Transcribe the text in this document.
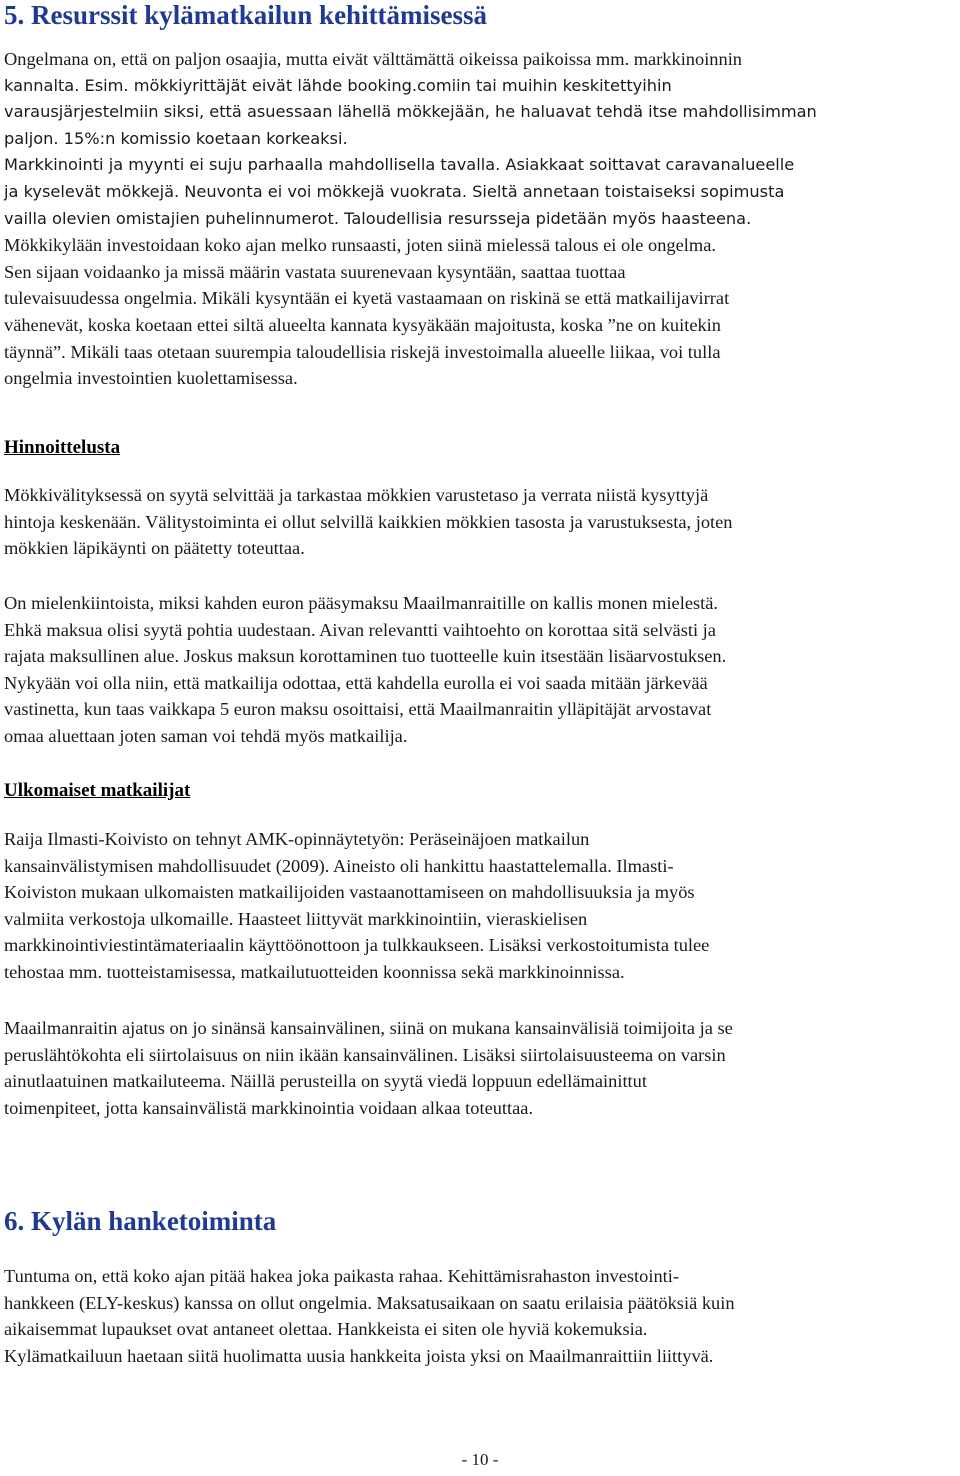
5. Resurssit kylämatkailun kehittämisessä
Ongelmana on, että on paljon osaajia, mutta eivät välttämättä oikeissa paikoissa mm. markkinoinnin
kannalta. Esim. mökkiyrittäjät eivät lähde booking.comiin tai muihin keskitettyihin
varausjärjestelmiin siksi, että asuessaan lähellä mökkejään, he haluavat tehdä itse mahdollisimman
paljon. 15%:n komissio koetaan korkeaksi.
Markkinointi ja myynti ei suju parhaalla mahdollisella tavalla. Asiakkaat soittavat caravanalueelle
ja kyselevät mökkejä. Neuvonta ei voi mökkejä vuokrata. Sieltä annetaan toistaiseksi sopimusta
vailla olevien omistajien puhelinnumerot. Taloudellisia resursseja pidetään myös haasteena.
Mökkikylään investoidaan koko ajan melko runsaasti, joten siinä mielessä talous ei ole ongelma.
Sen sijaan voidaanko ja missä määrin vastata suurenevaan kysyntään, saattaa tuottaa
tulevaisuudessa ongelmia. Mikäli kysyntään ei kyetä vastaamaan on riskinä se että matkailijavirrat
vähenevät, koska koetaan ettei siltä alueelta kannata kysyäkään majoitusta, koska ”ne on kuitekin
täynnä”. Mikäli taas otetaan suurempia taloudellisia riskejä investoimalla alueelle liikaa, voi tulla
ongelmia investointien kuolettamisessa.
Hinnoittelusta
Mökkivälityksessä on syytä selvittää ja tarkastaa mökkien varustetaso ja verrata niistä kysyttyjä
hintoja keskenään. Välitystoiminta ei ollut selvillä kaikkien mökkien tasosta ja varustuksesta, joten
mökkien läpikäynti on päätetty toteuttaa.
On mielenkiintoista, miksi kahden euron pääsymaksu Maailmanraitille on kallis monen mielestä.
Ehkä maksua olisi syytä pohtia uudestaan. Aivan relevantti vaihtoehto on korottaa sitä selvästi ja
rajata maksullinen alue. Joskus maksun korottaminen tuo tuotteelle kuin itsestään lisäarvostuksen.
Nykyään voi olla niin, että matkailija odottaa, että kahdella eurolla ei voi saada mitään järkevää
vastinetta, kun taas vaikkapa 5 euron maksu osoittaisi, että Maailmanraitin ylläpitäjät arvostavat
omaa aluettaan joten saman voi tehdä myös matkailija.
Ulkomaiset matkailijat
Raija Ilmasti-Koivisto on tehnyt AMK-opinnäytetyön: Peräseinäjoen matkailun
kansainvälistymisen mahdollisuudet (2009). Aineisto oli hankittu haastattelemalla. Ilmasti-
Koiviston mukaan ulkomaisten matkailijoiden vastaanottamiseen on mahdollisuuksia ja myös
valmiita verkostoja ulkomaille. Haasteet liittyvät markkinointiin, vieraskielisen
markkinointiviestintämateriaalin käyttöönottoon ja tulkkaukseen. Lisäksi verkostoitumista tulee
tehostaa mm. tuotteistamisessa, matkailutuotteiden koonnissa sekä markkinoinnissa.
Maailmanraitin ajatus on jo sinänsä kansainvälinen, siinä on mukana kansainvälisiä toimijoita ja se
peruslähtökohta eli siirtolaisuus on niin ikään kansainvälinen. Lisäksi siirtolaisuusteema on varsin
ainutlaatuinen matkailuteema. Näillä perusteilla on syytä viedä loppuun edellämainittut
toimenpiteet, jotta kansainvälistä markkinointia voidaan alkaa toteuttaa.
6. Kylän hanketoiminta
Tuntuma on, että koko ajan pitää hakea joka paikasta rahaa. Kehittämisrahaston investointi-
hankkeen (ELY-keskus) kanssa on ollut ongelmia. Maksatusaikaan on saatu erilaisia päätöksiä kuin
aikaisemmat lupaukset ovat antaneet olettaa. Hankkeista ei siten ole hyviä kokemuksia.
Kylämatkailuun haetaan siitä huolimatta uusia hankkeita joista yksi on Maailmanraittiin liittyvä.
- 10 -
